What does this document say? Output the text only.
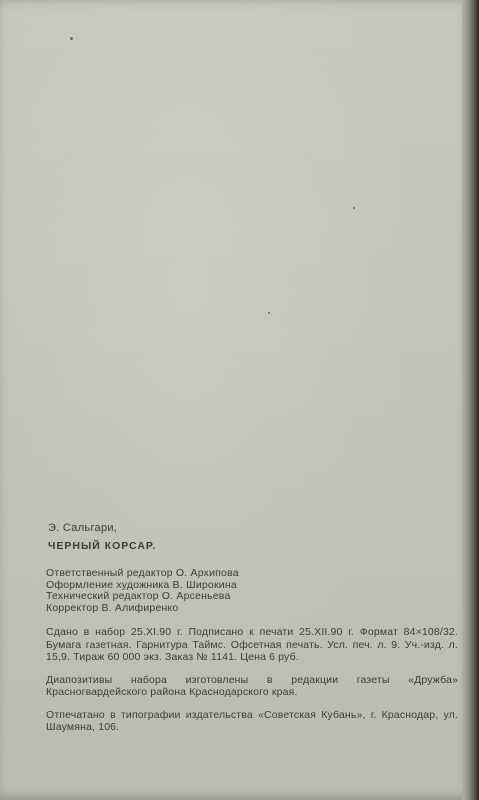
Э. Сальгари,

ЧЕРНЫЙ КОРСАР.

Ответственный редактор О. Архипова
Оформление художника В. Широкина
Технический редактор О. Арсеньева
Корректор В. Алифиренко

Сдано в набор 25.XI.90 г. Подписано к печати 25.XII.90 г. Формат 84×108/32. Бумага газетная. Гарнитура Таймс. Офсетная печать. Усл. печ. л. 9. Уч.-изд. л. 15,9. Тираж 60 000 экз. Заказ № 1141. Цена 6 руб.

Диапозитивы набора изготовлены в редакции газеты «Дружба» Красногвардейского района Краснодарского края.

Отпечатано в типографии издательства «Советская Кубань», г. Краснодар, ул. Шаумяна, 106.
